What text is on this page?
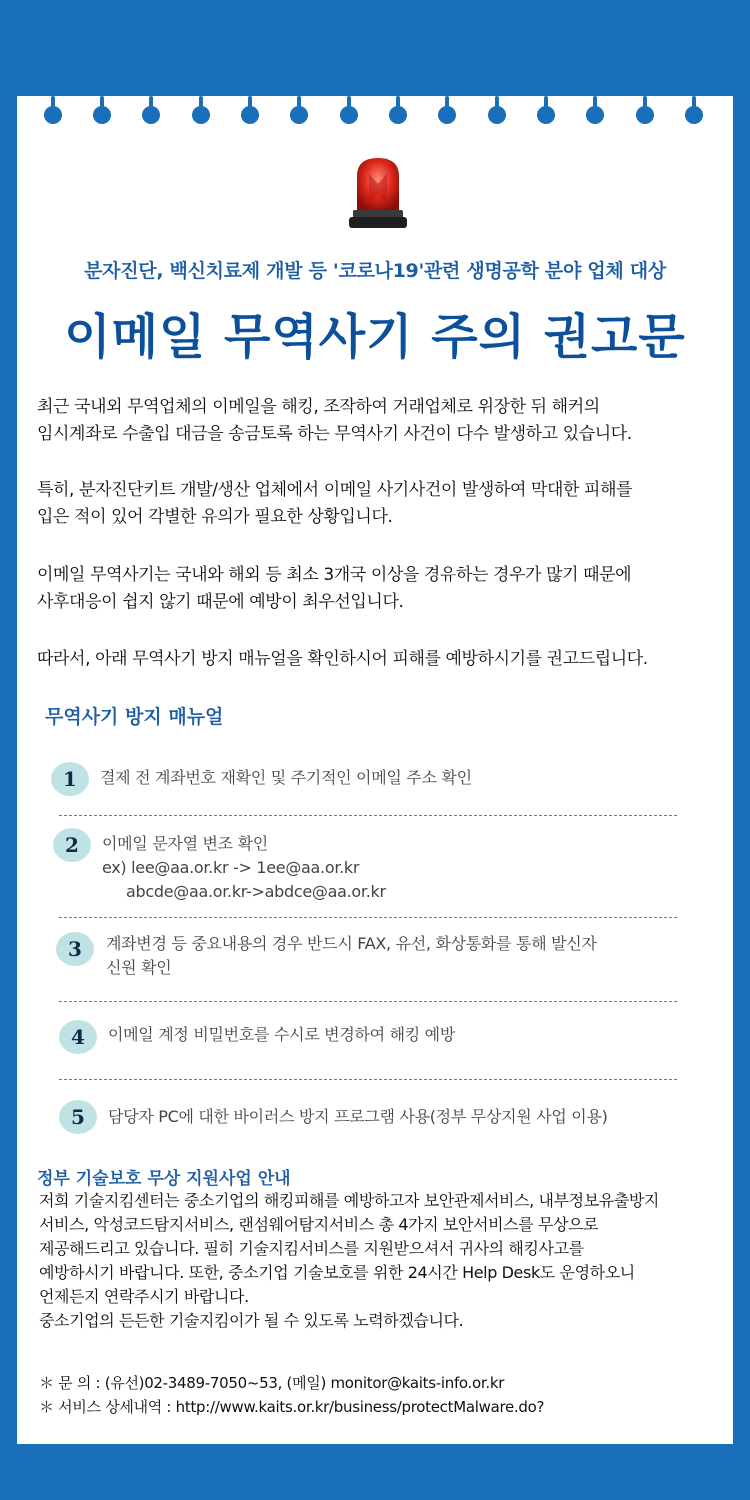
분자진단, 백신치료제 개발 등 '코로나19'관련 생명공학 분야 업체 대상
이메일 무역사기 주의 권고문
최근 국내외 무역업체의 이메일을 해킹, 조작하여 거래업체로 위장한 뒤 해커의
임시계좌로 수출입 대금을 송금토록 하는 무역사기 사건이 다수 발생하고 있습니다.
특히, 분자진단키트 개발/생산 업체에서 이메일 사기사건이 발생하여 막대한 피해를
입은 적이 있어 각별한 유의가 필요한 상황입니다.
이메일 무역사기는 국내와 해외 등 최소 3개국 이상을 경유하는 경우가 많기 때문에
사후대응이 쉽지 않기 때문에 예방이 최우선입니다.
따라서, 아래 무역사기 방지 매뉴얼을 확인하시어 피해를 예방하시기를 권고드립니다.
무역사기 방지 매뉴얼
1	결제 전 계좌번호 재확인 및 주기적인 이메일 주소 확인
2	이메일 문자열 변조 확인
ex) lee@aa.or.kr -> 1ee@aa.or.kr
abcde@aa.or.kr->abdce@aa.or.kr
3	계좌변경 등 중요내용의 경우 반드시 FAX, 유선, 화상통화를 통해 발신자
신원 확인
4	이메일 계정 비밀번호를 수시로 변경하여 해킹 예방
5	담당자 PC에 대한 바이러스 방지 프로그램 사용(정부 무상지원 사업 이용)
정부 기술보호 무상 지원사업 안내
저희 기술지킴센터는 중소기업의 해킹피해를 예방하고자 보안관제서비스, 내부정보유출방지
서비스, 악성코드탐지서비스, 랜섬웨어탐지서비스 총 4가지 보안서비스를 무상으로
제공해드리고 있습니다. 필히 기술지킴서비스를 지원받으셔서 귀사의 해킹사고를
예방하시기 바랍니다. 또한, 중소기업 기술보호를 위한 24시간 Help Desk도 운영하오니
언제든지 연락주시기 바랍니다.
중소기업의 든든한 기술지킴이가 될 수 있도록 노력하겠습니다.
＊ 문 의 : (유선)02-3489-7050~53, (메일) monitor@kaits-info.or.kr
＊ 서비스 상세내역 : http://www.kaits.or.kr/business/protectMalware.do?
